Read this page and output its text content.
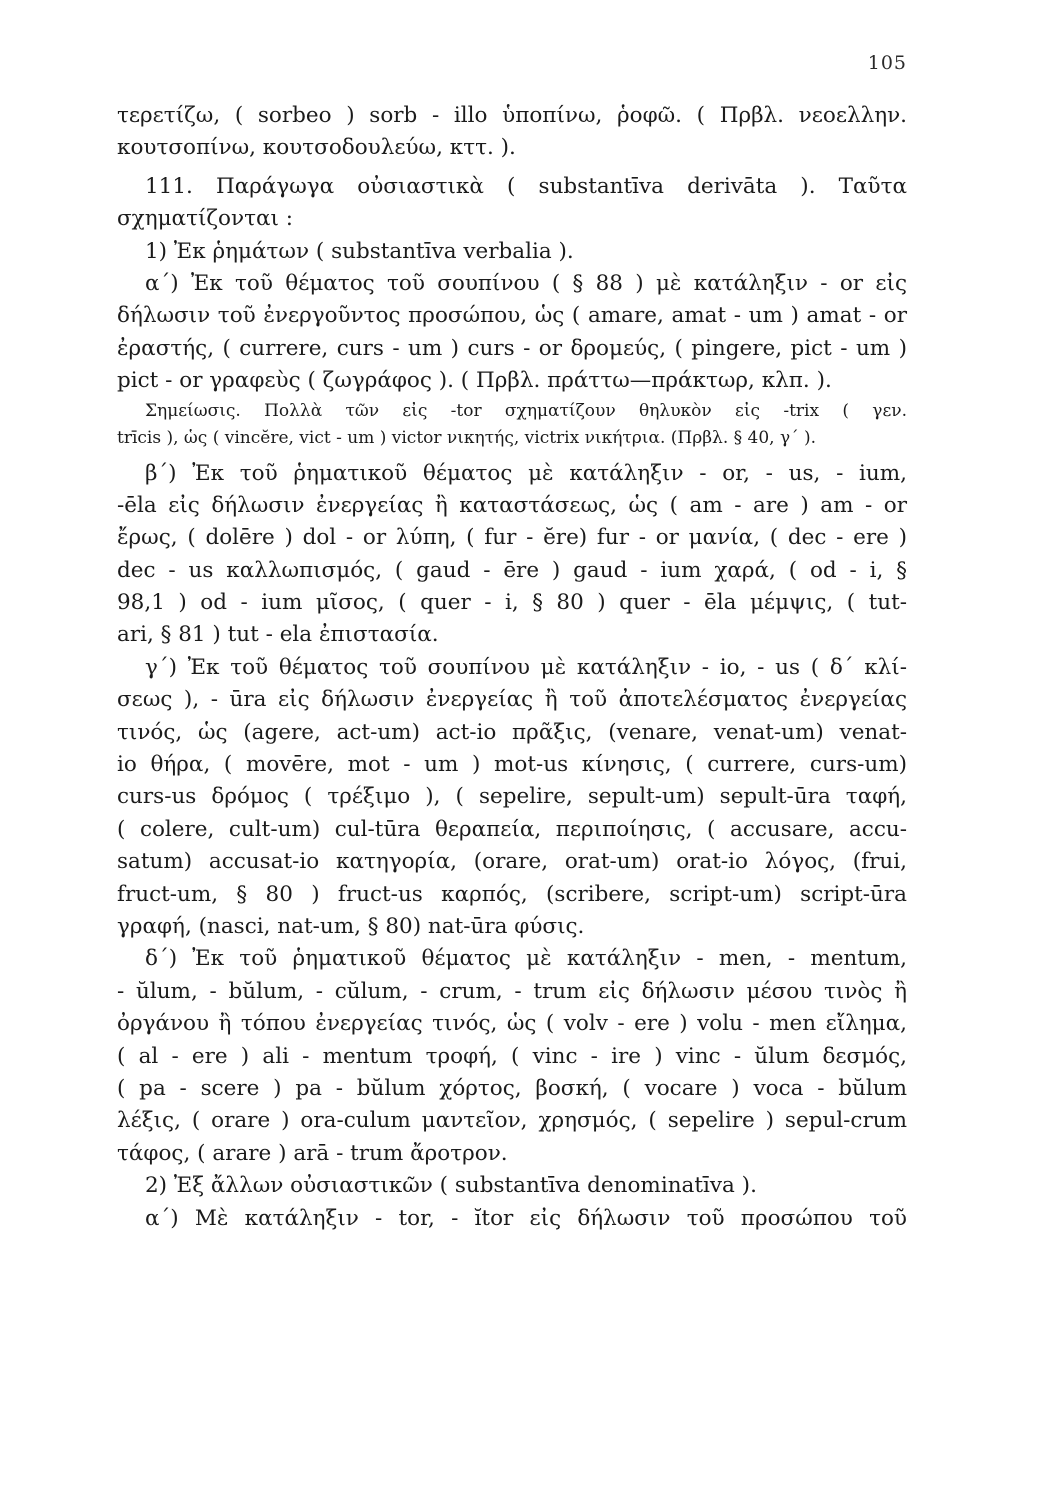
105
τερετίζω, ( sorbeo ) sorb - illo ὑποπίνω, ῥοφῶ. ( Πρβλ. νεοελλην.
κουτσοπίνω, κουτσοδουλεύω, κττ. ).
111. Παράγωγα οὐσιαστικὰ ( substantīva derivāta ). Ταῦτα
σχηματίζονται :
1) Ἐκ ῥημάτων ( substantīva verbalia ).
α΄) Ἐκ τοῦ θέματος τοῦ σουπίνου ( § 88 ) μὲ κατάληξιν - or εἰς
δήλωσιν τοῦ ἐνεργοῦντος προσώπου, ὡς ( amare, amat - um ) amat - or
ἐραστής, ( currere, curs - um ) curs - or δρομεύς, ( pingere, pict - um )
pict - or γραφεὺς ( ζωγράφος ). ( Πρβλ. πράττω—πράκτωρ, κλπ. ).
Σημείωσις. Πολλὰ τῶν εἰς -tor σχηματίζουν θηλυκὸν εἰς -trix ( γεν.
trīcis ), ὡς ( vincĕre, vict - um ) victor νικητής, victrix νικήτρια. (Πρβλ. § 40, γ΄ ).
β΄) Ἐκ τοῦ ῥηματικοῦ θέματος μὲ κατάληξιν - or, - us, - ium,
-ēla εἰς δήλωσιν ἐνεργείας ἢ καταστάσεως, ὡς ( am - are ) am - or
ἔρως, ( dolēre ) dol - or λύπη, ( fur - ĕre) fur - or μανία, ( dec - ere )
dec - us καλλωπισμός, ( gaud - ēre ) gaud - ium χαρά, ( od - i, §
98,1 ) od - ium μῖσος, ( quer - i, § 80 ) quer - ēla μέμψις, ( tut-
ari, § 81 ) tut - ela ἐπιστασία.
γ΄) Ἐκ τοῦ θέματος τοῦ σουπίνου μὲ κατάληξιν - io, - us ( δ΄ κλί-
σεως ), - ūra εἰς δήλωσιν ἐνεργείας ἢ τοῦ ἀποτελέσματος ἐνεργείας
τινός, ὡς (agere, act-um) act-io πρᾶξις, (venare, venat-um) venat-
io θήρα, ( movēre, mot - um ) mot-us κίνησις, ( currere, curs-um)
curs-us δρόμος ( τρέξιμο ), ( sepelire, sepult-um) sepult-ūra ταφή,
( colere, cult-um) cul-tūra θεραπεία, περιποίησις, ( accusare, accu-
satum) accusat-io κατηγορία, (orare, orat-um) orat-io λόγος, (frui,
fruct-um, § 80 ) fruct-us καρπός, (scribere, script-um) script-ūra
γραφή, (nasci, nat-um, § 80) nat-ūra φύσις.
δ΄) Ἐκ τοῦ ῥηματικοῦ θέματος μὲ κατάληξιν - men, - mentum,
- ŭlum, - bŭlum, - cŭlum, - crum, - trum εἰς δήλωσιν μέσου τινὸς ἢ
ὀργάνου ἢ τόπου ἐνεργείας τινός, ὡς ( volv - ere ) volu - men εἴλημα,
( al - ere ) ali - mentum τροφή, ( vinc - ire ) vinc - ŭlum δεσμός,
( pa - scere ) pa - bŭlum χόρτος, βοσκή, ( vocare ) voca - bŭlum
λέξις, ( orare ) ora-culum μαντεῖον, χρησμός, ( sepelire ) sepul-crum
τάφος, ( arare ) arā - trum ἄροτρον.
2) Ἐξ ἄλλων οὐσιαστικῶν ( substantīva denominatīva ).
α΄) Μὲ κατάληξιν - tor, - ĭtor εἰς δήλωσιν τοῦ προσώπου τοῦ
